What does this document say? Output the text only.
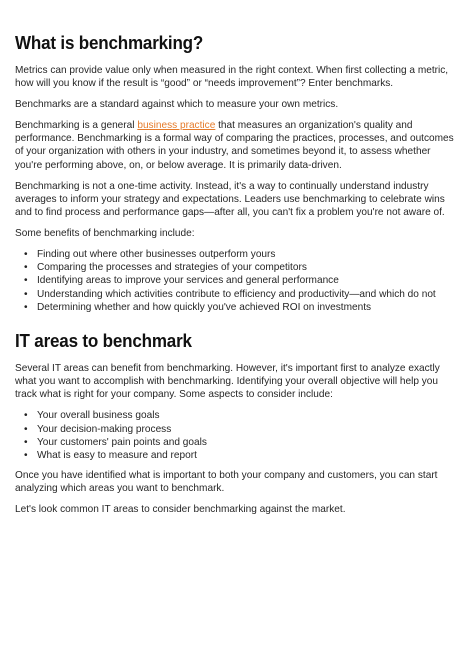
What is benchmarking?

Metrics can provide value only when measured in the right context. When first collecting a metric, how will you know if the result is “good” or “needs improvement”? Enter benchmarks.

Benchmarks are a standard against which to measure your own metrics.

Benchmarking is a general business practice that measures an organization's quality and performance. Benchmarking is a formal way of comparing the practices, processes, and outcomes of your organization with others in your industry, and sometimes beyond it, to assess whether you're performing above, on, or below average. It is primarily data-driven.

Benchmarking is not a one-time activity. Instead, it's a way to continually understand industry averages to inform your strategy and expectations. Leaders use benchmarking to celebrate wins and to find process and performance gaps—after all, you can't fix a problem you're not aware of.

Some benefits of benchmarking include:

• Finding out where other businesses outperform yours
• Comparing the processes and strategies of your competitors
• Identifying areas to improve your services and general performance
• Understanding which activities contribute to efficiency and productivity—and which do not
• Determining whether and how quickly you've achieved ROI on investments
IT areas to benchmark

Several IT areas can benefit from benchmarking. However, it's important first to analyze exactly what you want to accomplish with benchmarking. Identifying your overall objective will help you track what is right for your company. Some aspects to consider include:

• Your overall business goals
• Your decision-making process
• Your customers' pain points and goals
• What is easy to measure and report

Once you have identified what is important to both your company and customers, you can start analyzing which areas you want to benchmark.

Let's look common IT areas to consider benchmarking against the market.
